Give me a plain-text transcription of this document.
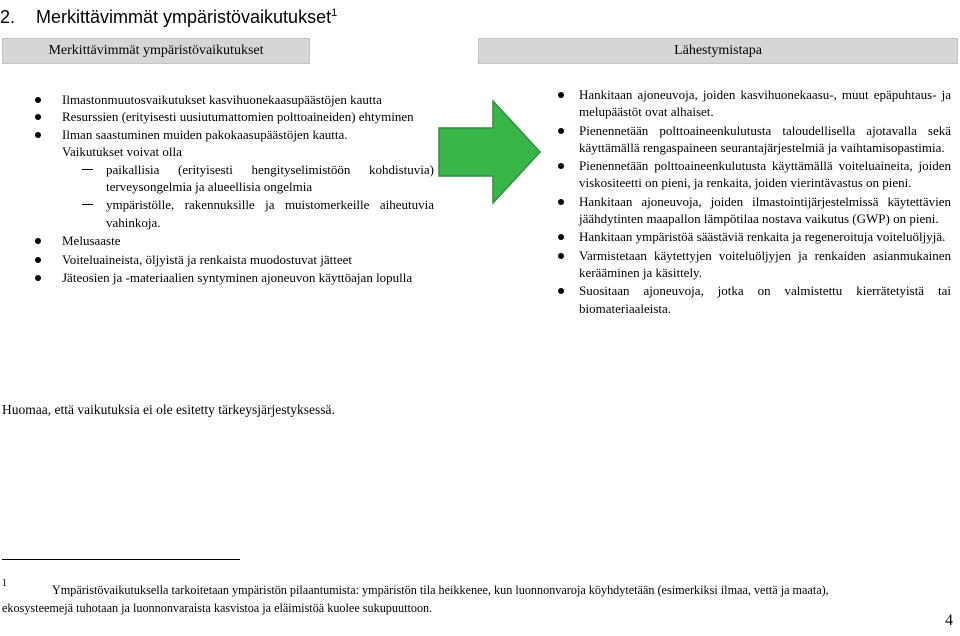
2. Merkittävimmät ympäristövaikutukset$^1$
Merkittävimmät ympäristövaikutukset	Lähestymistapa
Ilmastonmuutosvaikutukset kasvihuonekaasupäästöjen kautta
Resurssien (erityisesti uusiutumattomien polttoaineiden) ehtyminen
Ilman saastuminen muiden pakokaasupäästöjen kautta.
Vaikutukset voivat olla
paikallisia (erityisesti hengityselimistöön kohdistuvia) terveysongelmia ja alueellisia ongelmia
ympäristölle, rakennuksille ja muistomerkeille aiheutuvia vahinkoja.
Melusaaste
Voiteluaineista, öljyistä ja renkaista muodostuvat jätteet
Jäteosien ja -materiaalien syntyminen ajoneuvon käyttöajan lopulla
Hankitaan ajoneuvoja, joiden kasvihuonekaasu-, muut epäpuhtaus- ja melupäästöt ovat alhaiset.
Pienennetään polttoaineenkulutusta taloudellisella ajotavalla sekä käyttämällä rengaspaineen seurantajärjestelmiä ja vaihtamisopastimia.
Pienennetään polttoaineenkulutusta käyttämällä voiteluaineita, joiden viskositeetti on pieni, ja renkaita, joiden vierintävastus on pieni.
Hankitaan ajoneuvoja, joiden ilmastointijärjestelmissä käytettävien jäähdytinten maapallon lämpötilaa nostava vaikutus (GWP) on pieni.
Hankitaan ympäristöä säästäviä renkaita ja regeneroituja voiteluöljyjä.
Varmistetaan käytettyjen voiteluöljyjen ja renkaiden asianmukainen kerääminen ja käsittely.
Suositaan ajoneuvoja, jotka on valmistettu kierrätetyistä tai biomateriaaleista.
Huomaa, että vaikutuksia ei ole esitetty tärkeysjärjestyksessä.
1	Ympäristövaikutuksella tarkoitetaan ympäristön pilaantumista: ympäristön tila heikkenee, kun luonnonvaroja köyhdytetään (esimerkiksi ilmaa, vettä ja maata),
ekosysteemejä tuhotaan ja luonnonvaraista kasvistoa ja eläimistöä kuolee sukupuuttoon.
4
